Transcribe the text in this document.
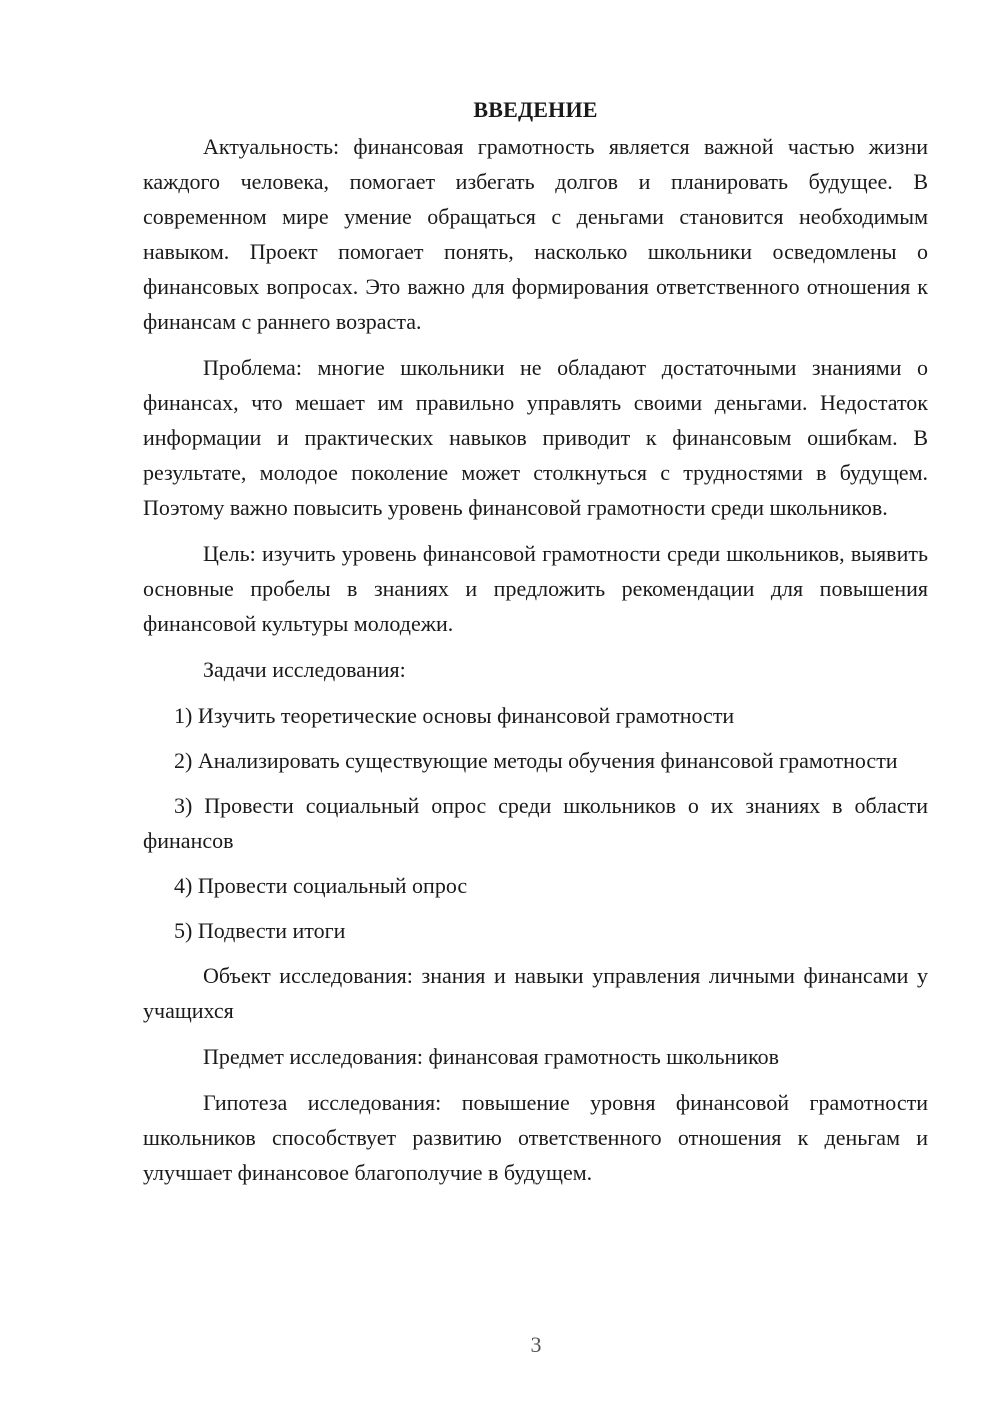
ВВЕДЕНИЕ

Актуальность: финансовая грамотность является важной частью жизни каждого человека, помогает избегать долгов и планировать будущее. В современном мире умение обращаться с деньгами становится необходимым навыком. Проект помогает понять, насколько школьники осведомлены о финансовых вопросах. Это важно для формирования ответственного отношения к финансам с раннего возраста.

Проблема: многие школьники не обладают достаточными знаниями о финансах, что мешает им правильно управлять своими деньгами. Недостаток информации и практических навыков приводит к финансовым ошибкам. В результате, молодое поколение может столкнуться с трудностями в будущем. Поэтому важно повысить уровень финансовой грамотности среди школьников.

Цель: изучить уровень финансовой грамотности среди школьников, выявить основные пробелы в знаниях и предложить рекомендации для повышения финансовой культуры молодежи.

Задачи исследования:

1) Изучить теоретические основы финансовой грамотности

2) Анализировать существующие методы обучения финансовой грамотности

3) Провести социальный опрос среди школьников о их знаниях в области финансов

4) Провести социальный опрос

5) Подвести итоги

Объект исследования: знания и навыки управления личными финансами у учащихся

Предмет исследования: финансовая грамотность школьников

Гипотеза исследования: повышение уровня финансовой грамотности школьников способствует развитию ответственного отношения к деньгам и улучшает финансовое благополучие в будущем.

3
